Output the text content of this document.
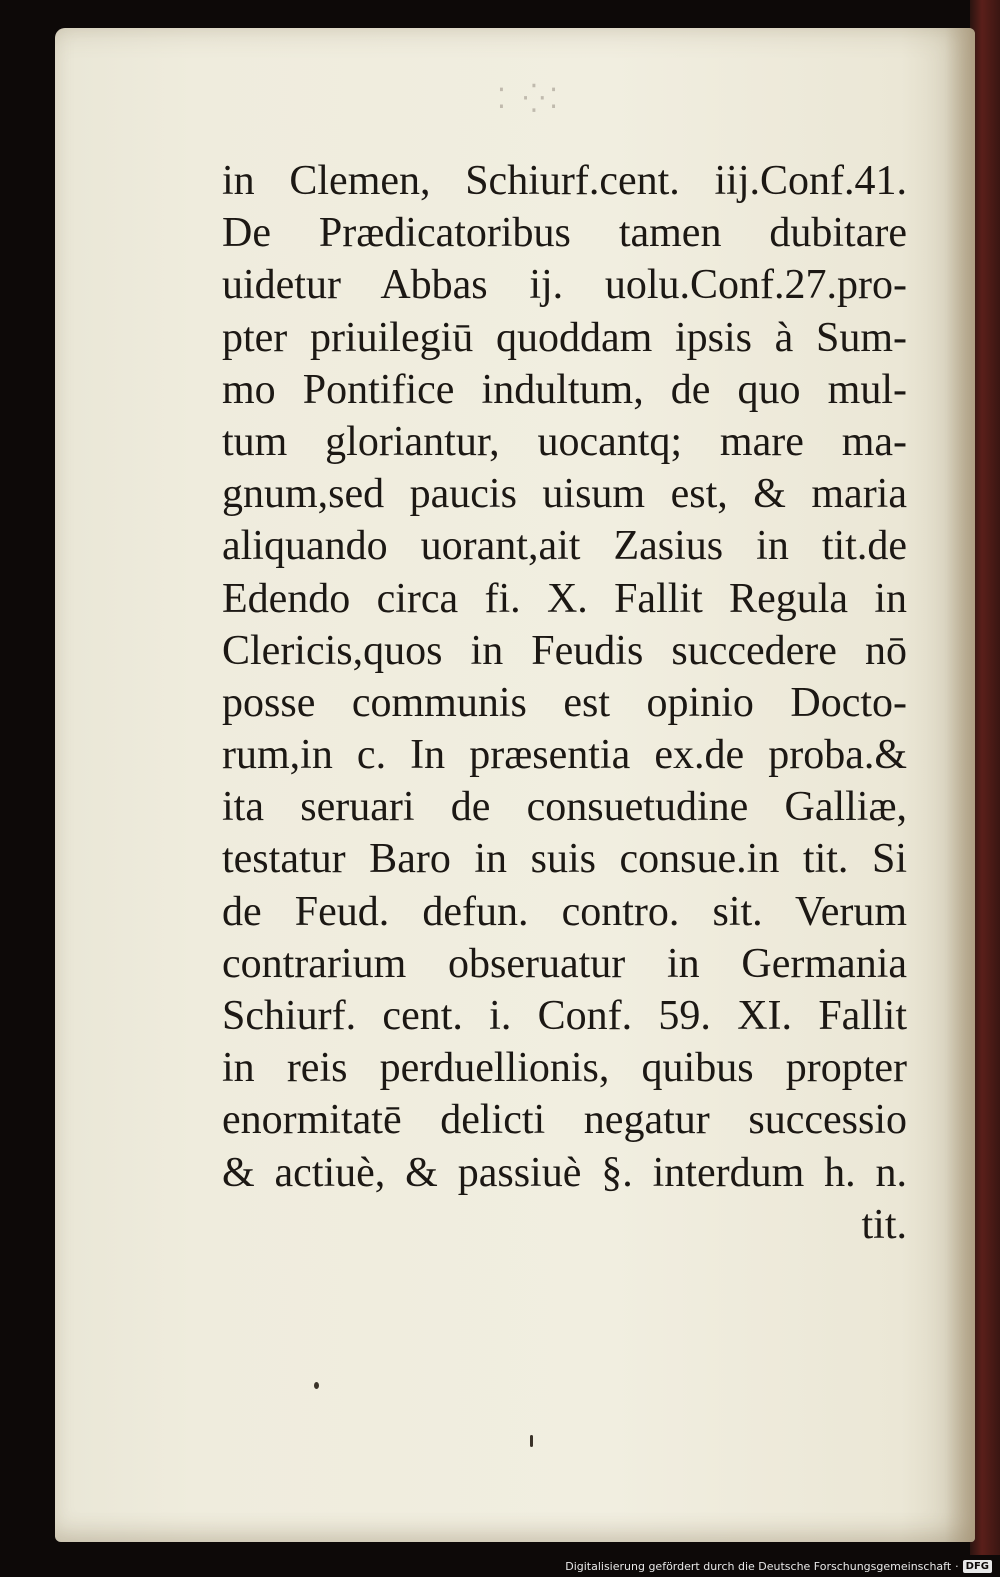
⁚ ⁛⁚
in Clemen, Schiurf.cent. iij.Conf.41.
De Prædicatoribus tamen dubitare
uidetur Abbas ij. uolu.Conf.27.pro-
pter priuilegiū quoddam ipsis à Sum-
mo Pontifice indultum, de quo mul-
tum gloriantur, uocantq; mare ma-
gnum,sed paucis uisum est, & maria
aliquando uorant,ait Zasius in tit.de
Edendo circa fi. X. Fallit Regula in
Clericis,quos in Feudis succedere nō
posse communis est opinio Docto-
rum,in c. In præsentia ex.de proba.&
ita seruari de consuetudine Galliæ,
testatur Baro in suis consue.in tit. Si
de Feud. defun. contro. sit. Verum
contrarium obseruatur in Germania
Schiurf. cent. i. Conf. 59. XI. Fallit
in reis perduellionis, quibus propter
enormitatē delicti negatur successio
& actiuè, & passiuè §. interdum h. n.
tit.
Digitalisierung gefördert durch die Deutsche Forschungsgemeinschaft · DFG
